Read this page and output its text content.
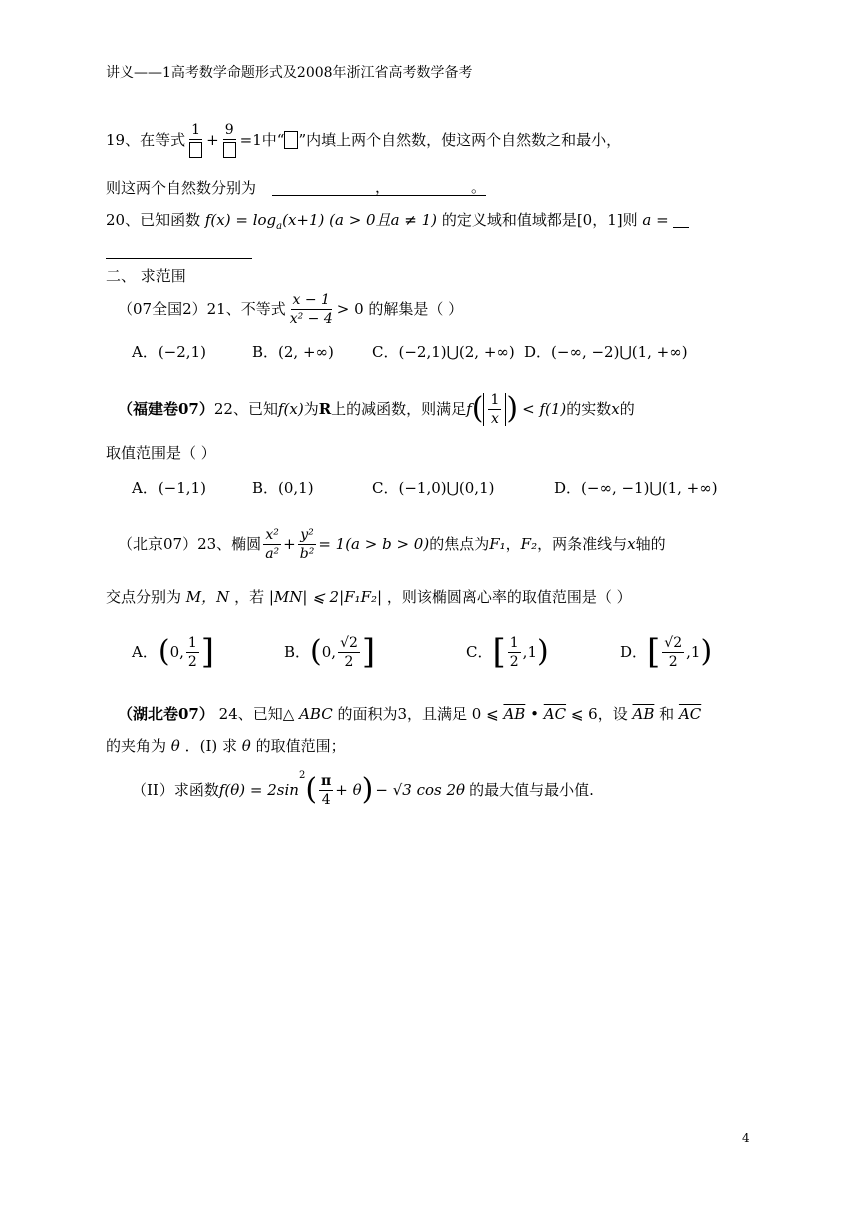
讲义——1高考数学命题形式及2008年浙江省高考数学备考
19、在等式
1
+
9
=1 中“ ”内填上两个自然数，使这两个自然数之和最小，
则这两个自然数分别为	，	。
20、已知函数 $f(x) = \log_a(x+1) (a > 0$且a ≠ 1) 的定义域和值域都是[0，1]则 a =
二、 求范围
（07全国2）21、不等式 $\frac{x - 1}{\text{x² − 4}} > 0$ 的解集是（ ）
A．(−2,1)	B．(2, +∞)	C．(−2,1)⋃(2, +∞) D．(−∞, −2)⋃(1, +∞)
（福建卷07） 22、已知 f(x) 为 R 上的减函数，则满足 f ( $\frac{1}{x}$ ) < f(1) 的实数 x 的
取值范围是（ ）
A．(−1,1)	B．(0,1)	C．(−1,0)⋃(0,1)	D．(−∞, −1)⋃(1, +∞)
（北京07）23、椭圆 $\frac{\text{x²}}{\text{a²}} + \frac{\text{y²}}{\text{b²}} = 1(a > b > 0)$ 的焦点为 F₁ ， F₂ ，两条准线与 x 轴的
交点分别为 M，N ，若 |MN| ⩽ 2|F₁F₂| ，则该椭圆离心率的取值范围是（ ）
A． ( 0, $\frac{1}{2}$ ]	B． ( 0, $\frac{√2}{2}$ ]	C． [ $\frac{1}{2} ,1$ )	D． [ $\frac{√2}{2} ,1$ )
（湖北卷07） 24、已知△ ABC 的面积为3，且满足 0 ⩽ $\overline{AB}$ • $\overline{AC}$ ⩽ 6，设 $\overline{AB}$ 和 $\overline{AC}$
的夹角为 θ ．(I) 求 θ 的取值范围；
（II）求函数 f(θ) = 2sin
2 ( $\frac{\pi}{4} + \theta$ ) − √3 cos 2θ 的最大值与最小值.
4
